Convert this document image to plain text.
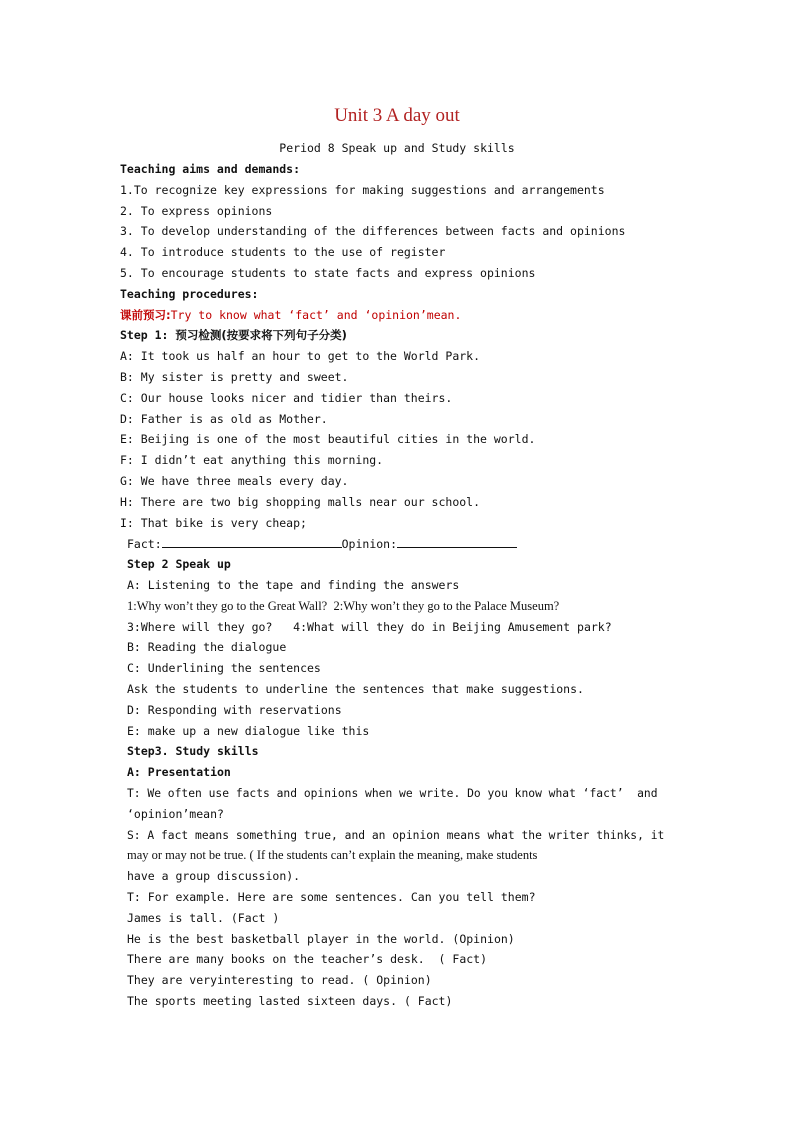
Unit 3 A day out
Period 8 Speak up and Study skills
Teaching aims and demands:
1.To recognize key expressions for making suggestions and arrangements
2. To express opinions
3. To develop understanding of the differences between facts and opinions
4. To introduce students to the use of register
5. To encourage students to state facts and express opinions
Teaching procedures:
课前预习:Try to know what ‘fact’ and ‘opinion’mean.
Step 1: 预习检测(按要求将下列句子分类)
A: It took us half an hour to get to the World Park.
B: My sister is pretty and sweet.
C: Our house looks nicer and tidier than theirs.
D: Father is as old as Mother.
E: Beijing is one of the most beautiful cities in the world.
F: I didn’t eat anything this morning.
G: We have three meals every day.
H: There are two big shopping malls near our school.
I: That bike is very cheap;
Fact:	Opinion:
Step 2 Speak up
A: Listening to the tape and finding the answers
1:Why won’t they go to the Great Wall?  2:Why won’t they go to the Palace Museum?
3:Where will they go?   4:What will they do in Beijing Amusement park?
B: Reading the dialogue
C: Underlining the sentences
Ask the students to underline the sentences that make suggestions.
D: Responding with reservations
E: make up a new dialogue like this
Step3. Study skills
A: Presentation
T: We often use facts and opinions when we write. Do you know what ‘fact’  and
‘opinion’mean?
S: A fact means something true, and an opinion means what the writer thinks, it
may or may not be true. ( If the students can’t explain the meaning, make students
have a group discussion).
T: For example. Here are some sentences. Can you tell them?
James is tall. (Fact )
He is the best basketball player in the world. (Opinion)
There are many books on the teacher’s desk.  ( Fact)
They are veryinteresting to read. ( Opinion)
The sports meeting lasted sixteen days. ( Fact)
